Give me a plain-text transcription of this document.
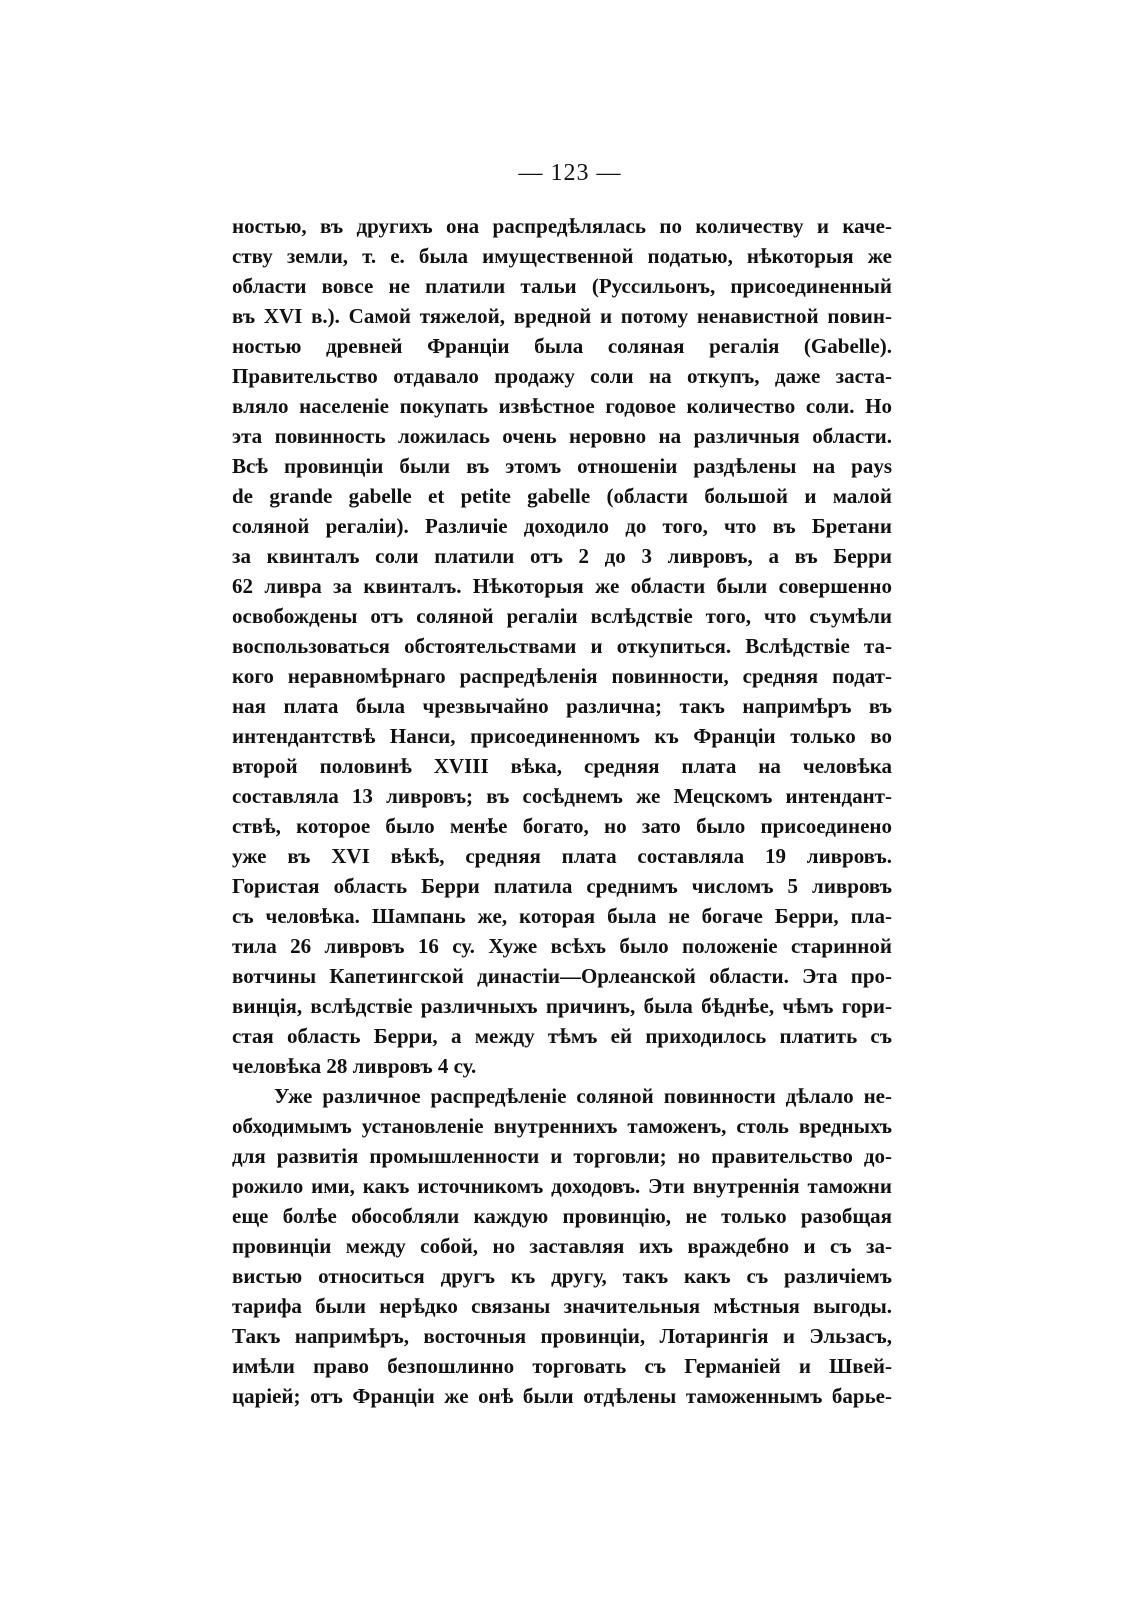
— 123 —
ностью, въ другихъ она распредѣлялась по количеству и каче-
ству земли, т. е. была имущественной податью, нѣкоторыя же
области вовсе не платили тальи (Руссильонъ, присоединенный
въ XVI в.). Самой тяжелой, вредной и потому ненавистной повин-
ностью древней Франціи была соляная регалія (Gabelle).
Правительство отдавало продажу соли на откупъ, даже заста-
вляло населеніе покупать извѣстное годовое количество соли. Но
эта повинность ложилась очень неровно на различныя области.
Всѣ провинціи были въ этомъ отношеніи раздѣлены на pays
de grande gabelle et petite gabelle (области большой и малой
соляной регаліи). Различіе доходило до того, что въ Бретани
за квинталъ соли платили отъ 2 до 3 ливровъ, а въ Берри
62 ливра за квинталъ. Нѣкоторыя же области были совершенно
освобождены отъ соляной регаліи вслѣдствіе того, что съумѣли
воспользоваться обстоятельствами и откупиться. Вслѣдствіе та-
кого неравномѣрнаго распредѣленія повинности, средняя подат-
ная плата была чрезвычайно различна; такъ напримѣръ въ
интендантствѣ Нанси, присоединенномъ къ Франціи только во
второй половинѣ XVIII вѣка, средняя плата на человѣка
составляла 13 ливровъ; въ сосѣднемъ же Мецскомъ интендант-
ствѣ, которое было менѣе богато, но зато было присоединено
уже въ XVI вѣкѣ, средняя плата составляла 19 ливровъ.
Гористая область Берри платила среднимъ числомъ 5 ливровъ
съ человѣка. Шампань же, которая была не богаче Берри, пла-
тила 26 ливровъ 16 су. Хуже всѣхъ было положеніе старинной
вотчины Капетингской династіи—Орлеанской области. Эта про-
винція, вслѣдствіе различныхъ причинъ, была бѣднѣе, чѣмъ гори-
стая область Берри, а между тѣмъ ей приходилось платить съ
человѣка 28 ливровъ 4 су.
Уже различное распредѣленіе соляной повинности дѣлало не-
обходимымъ установленіе внутреннихъ таможенъ, столь вредныхъ
для развитія промышленности и торговли; но правительство до-
рожило ими, какъ источникомъ доходовъ. Эти внутреннія таможни
еще болѣе обособляли каждую провинцію, не только разобщая
провинціи между собой, но заставляя ихъ враждебно и съ за-
вистью относиться другъ къ другу, такъ какъ съ различіемъ
тарифа были нерѣдко связаны значительныя мѣстныя выгоды.
Такъ напримѣръ, восточныя провинціи, Лотарингія и Эльзасъ,
имѣли право безпошлинно торговать съ Германіей и Швей-
царіей; отъ Франціи же онѣ были отдѣлены таможеннымъ барье-
